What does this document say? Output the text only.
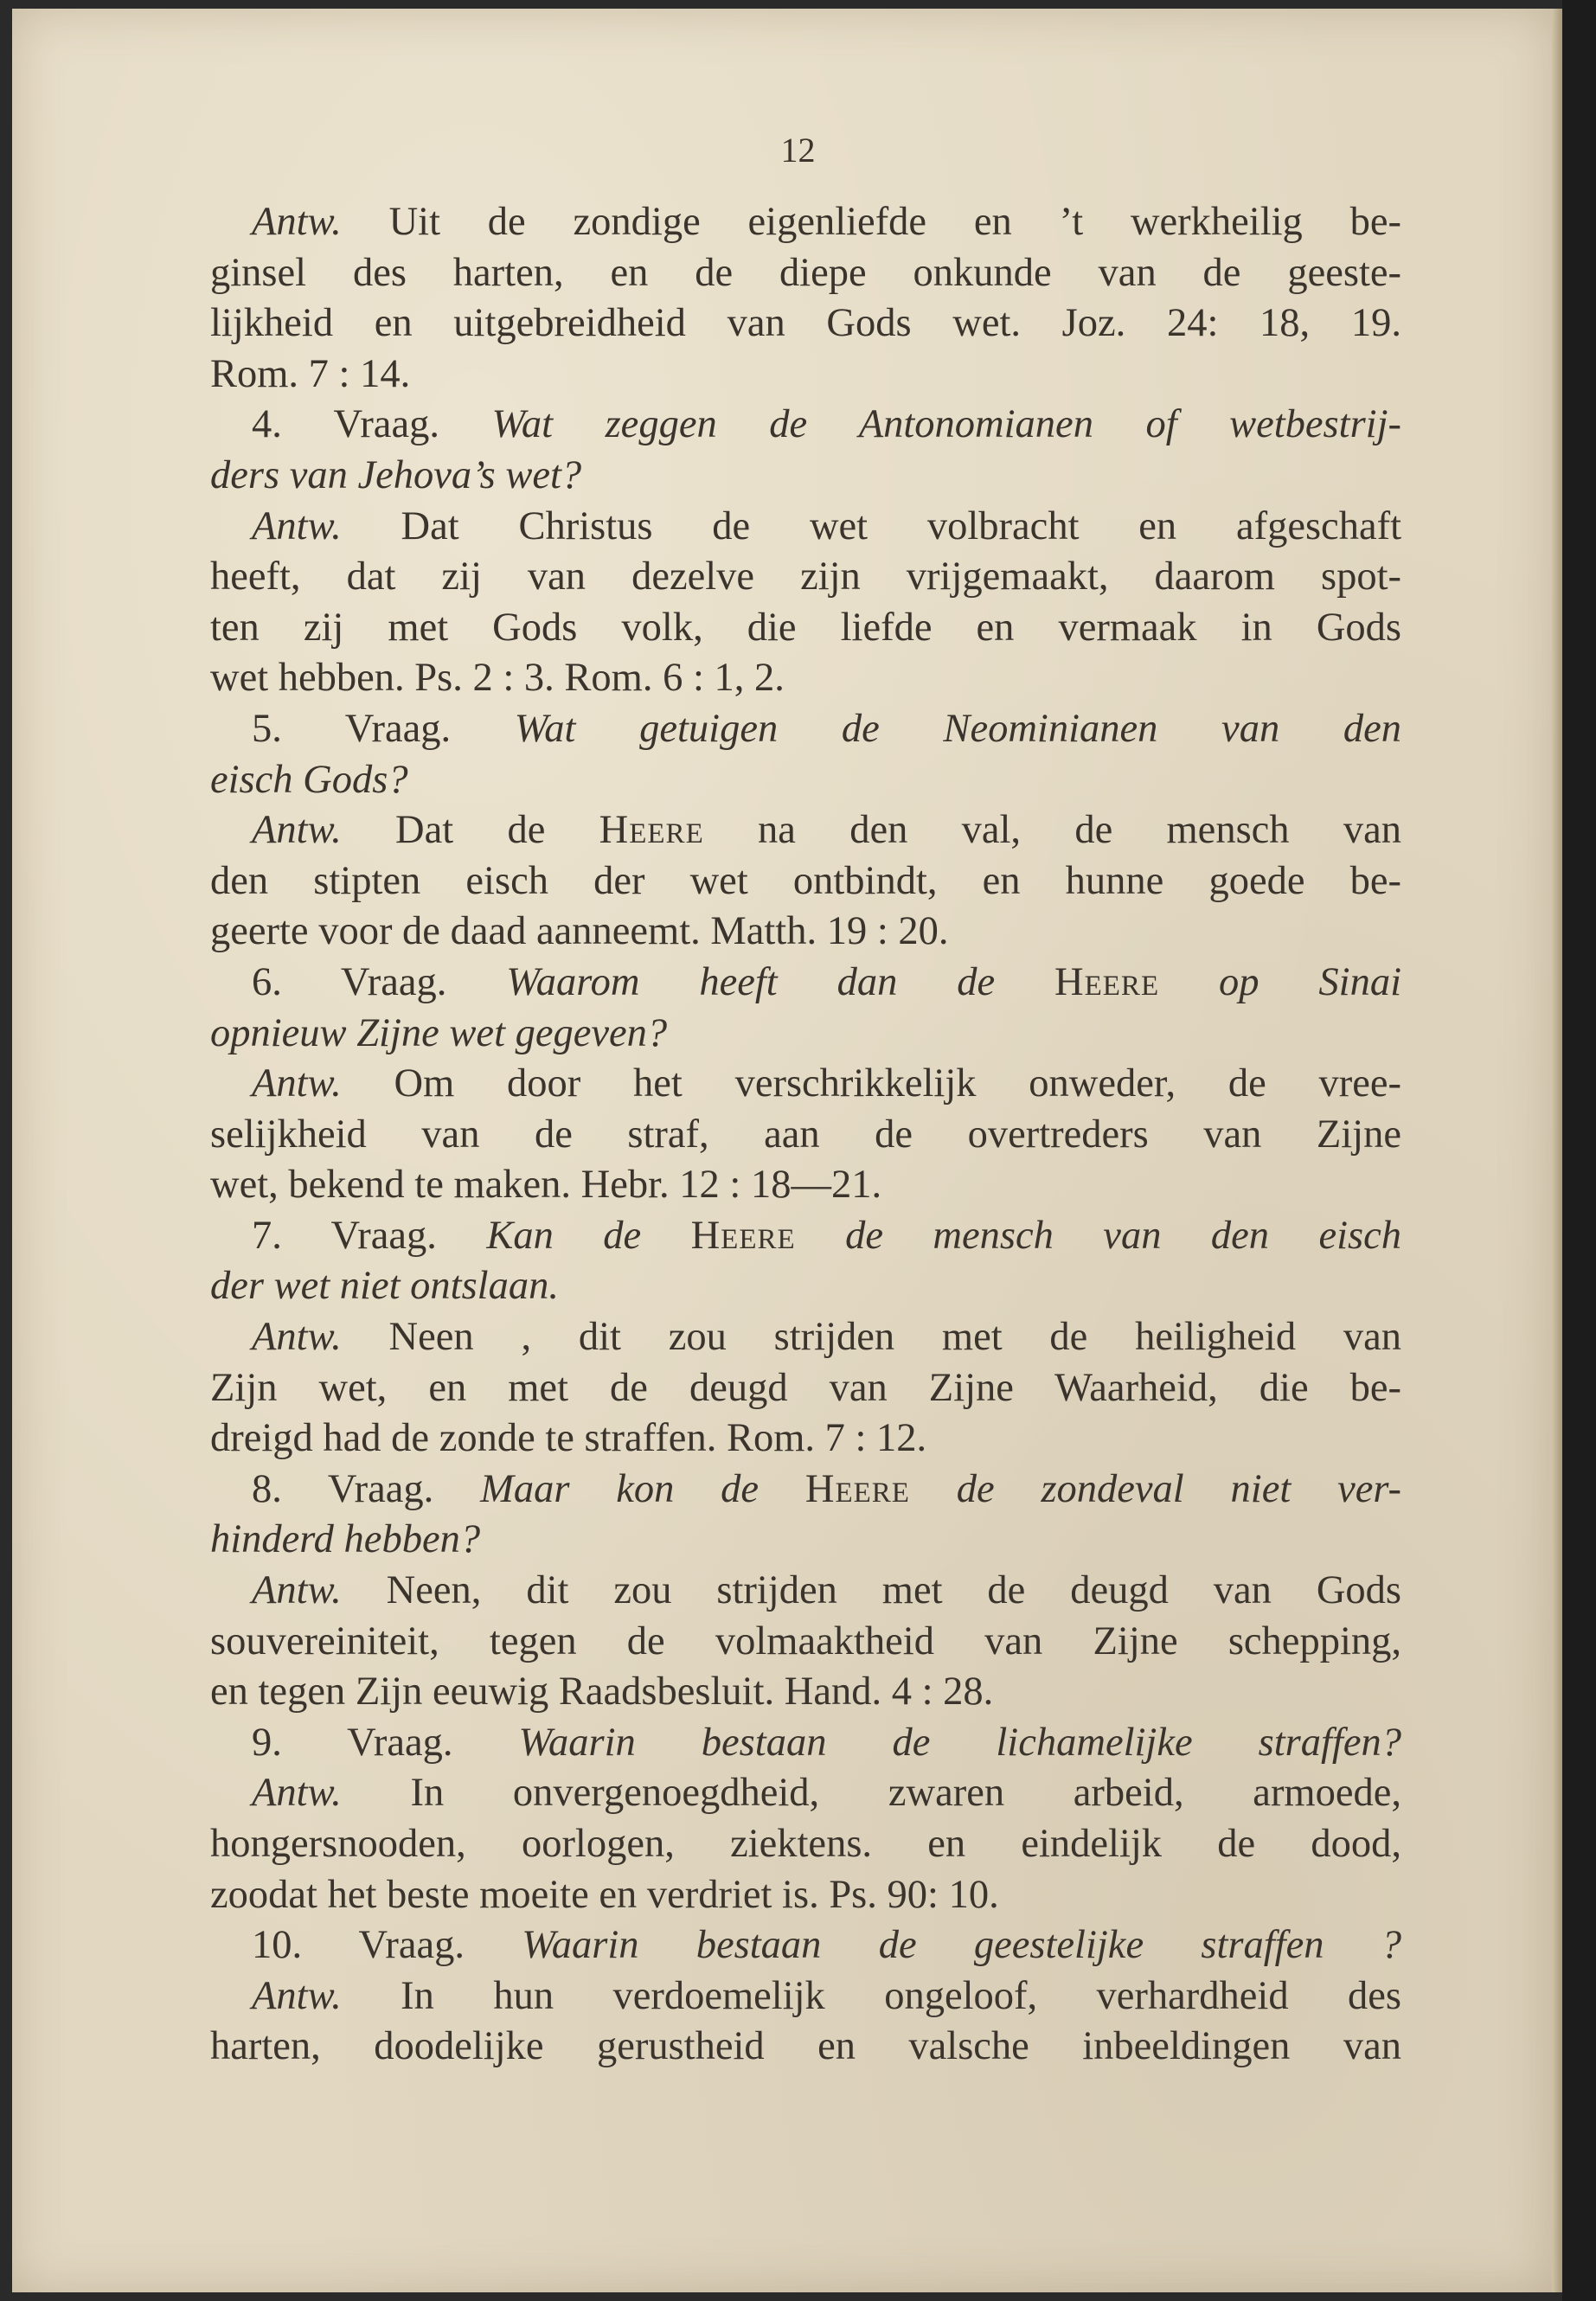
12
Antw. Uit de zondige eigenliefde en ’t werkheilig be-
ginsel des harten, en de diepe onkunde van de geeste-
lijkheid en uitgebreidheid van Gods wet. Joz. 24: 18, 19.
Rom. 7 : 14.
4. Vraag. Wat zeggen de Antonomianen of wetbestrij-
ders van Jehova’s wet?
Antw. Dat Christus de wet volbracht en afgeschaft
heeft, dat zij van dezelve zijn vrijgemaakt, daarom spot-
ten zij met Gods volk, die liefde en vermaak in Gods
wet hebben. Ps. 2 : 3. Rom. 6 : 1, 2.
5. Vraag. Wat getuigen de Neominianen van den
eisch Gods?
Antw. Dat de Heere na den val, de mensch van
den stipten eisch der wet ontbindt, en hunne goede be-
geerte voor de daad aanneemt. Matth. 19 : 20.
6. Vraag. Waarom heeft dan de Heere op Sinai
opnieuw Zijne wet gegeven?
Antw. Om door het verschrikkelijk onweder, de vree-
selijkheid van de straf, aan de overtreders van Zijne
wet, bekend te maken. Hebr. 12 : 18—21.
7. Vraag. Kan de Heere de mensch van den eisch
der wet niet ontslaan.
Antw. Neen , dit zou strijden met de heiligheid van
Zijn wet, en met de deugd van Zijne Waarheid, die be-
dreigd had de zonde te straffen. Rom. 7 : 12.
8. Vraag. Maar kon de Heere de zondeval niet ver-
hinderd hebben?
Antw. Neen, dit zou strijden met de deugd van Gods
souvereiniteit, tegen de volmaaktheid van Zijne schepping,
en tegen Zijn eeuwig Raadsbesluit. Hand. 4 : 28.
9. Vraag. Waarin bestaan de lichamelijke straffen?
Antw. In onvergenoegdheid, zwaren arbeid, armoede,
hongersnooden, oorlogen, ziektens. en eindelijk de dood,
zoodat het beste moeite en verdriet is. Ps. 90: 10.
10. Vraag. Waarin bestaan de geestelijke straffen ?
Antw. In hun verdoemelijk ongeloof, verhardheid des
harten, doodelijke gerustheid en valsche inbeeldingen van
